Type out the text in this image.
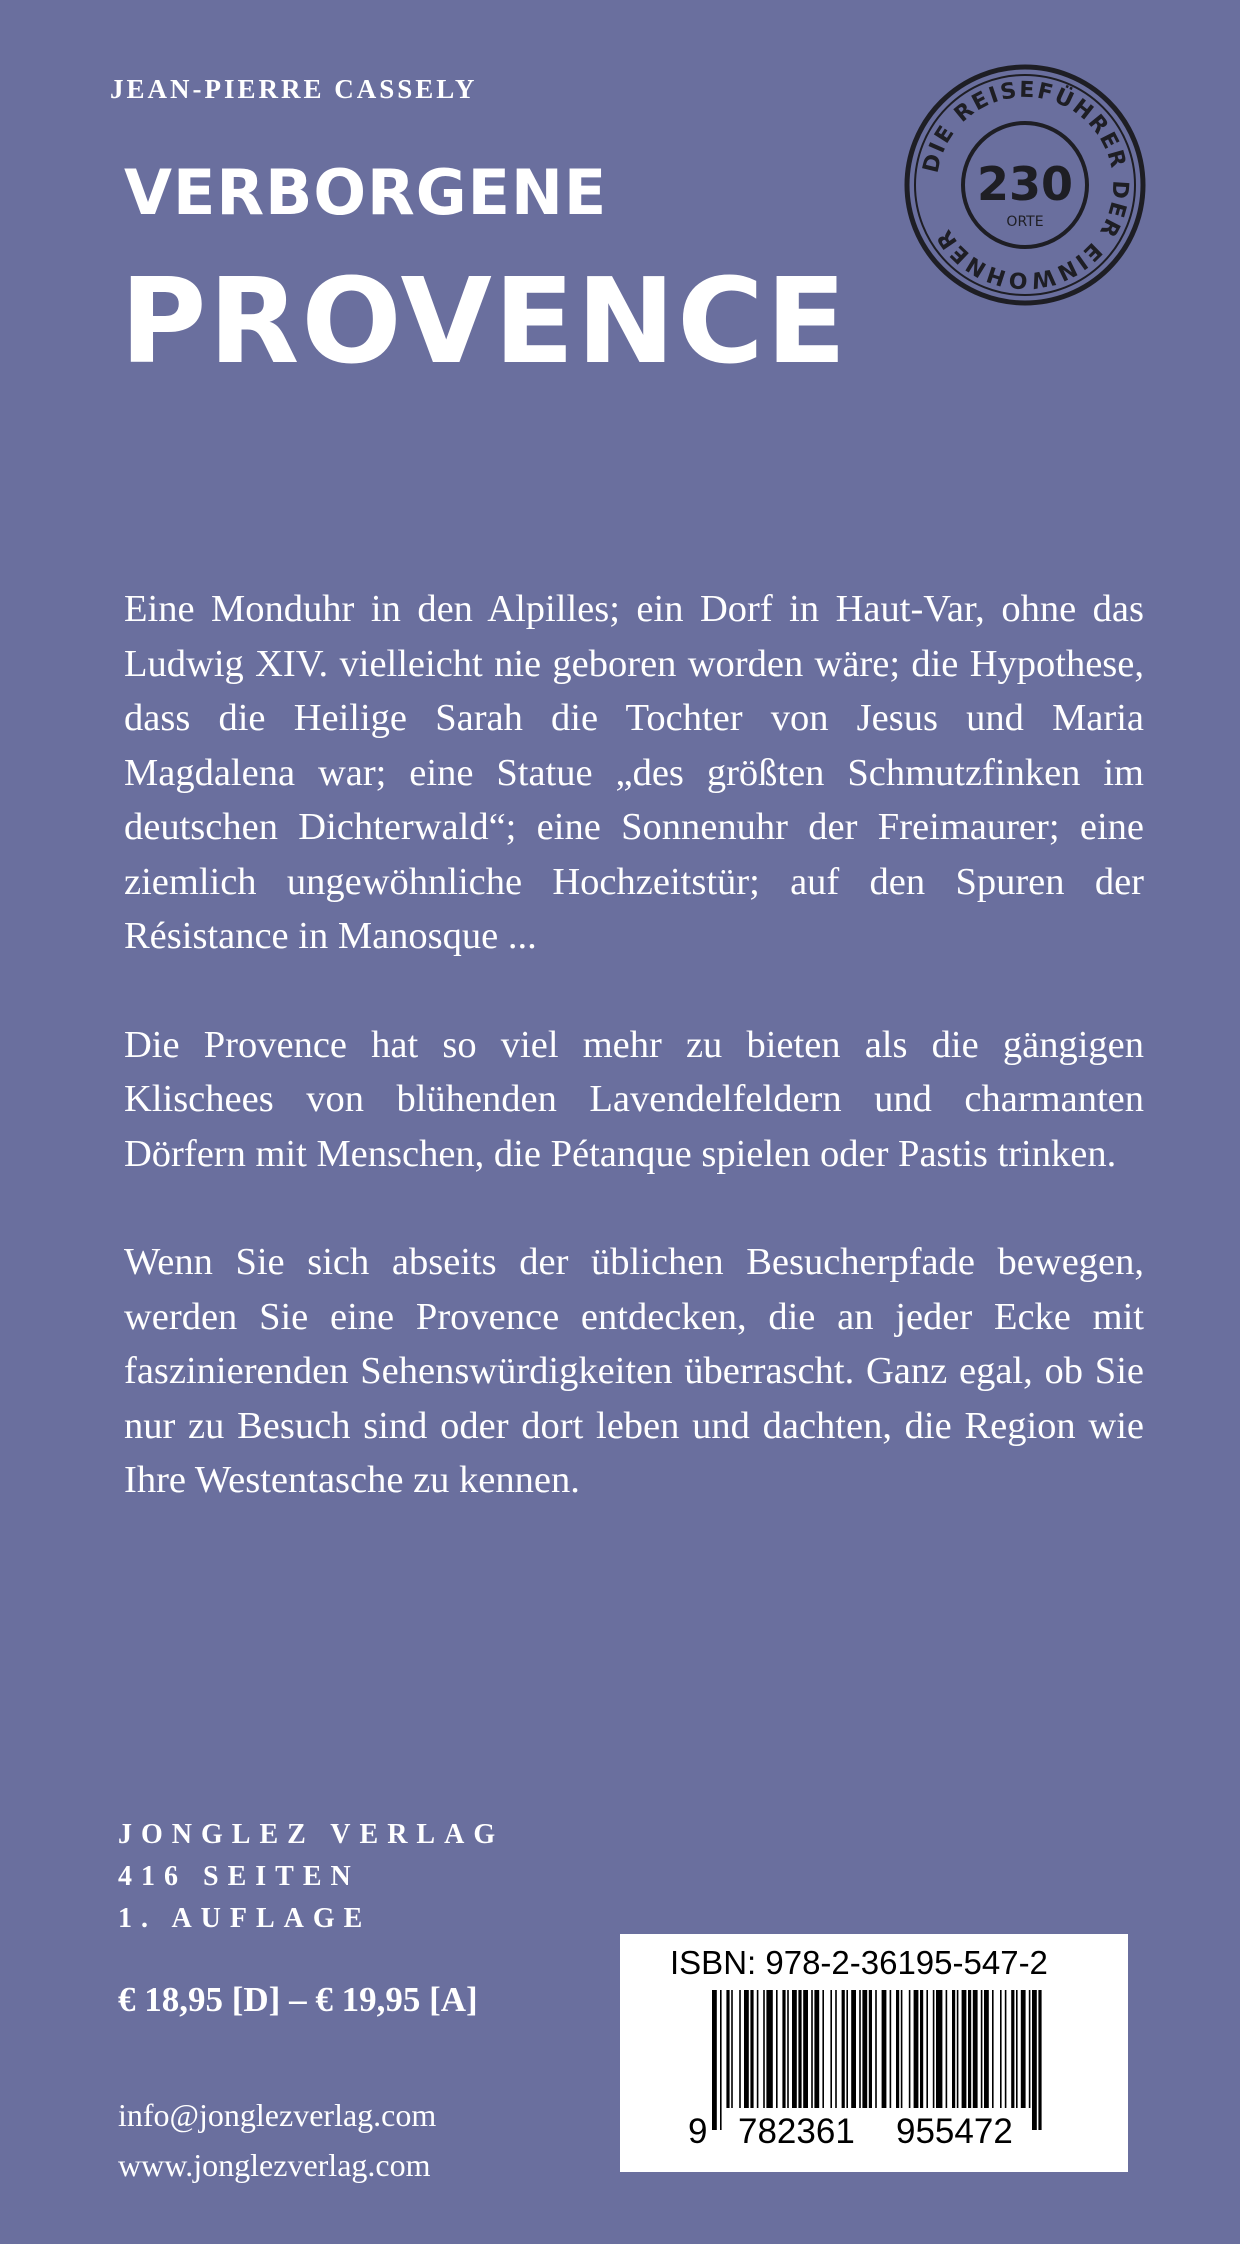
JEAN-PIERRE CASSELY

VERBORGENE
PROVENCE
DIE REISEFÜHRER DER EINWOHNER
230
ORTE

Eine Monduhr in den Alpilles; ein Dorf in Haut-Var, ohne das Ludwig XIV. vielleicht nie geboren worden wäre; die Hypothese, dass die Heilige Sarah die Tochter von Jesus und Maria Magdalena war; eine Statue „des größten Schmutzfinken im deutschen Dichterwald“; eine Sonnenuhr der Freimaurer; eine ziemlich ungewöhnliche Hochzeitstür; auf den Spuren der Résistance in Manosque ...

Die Provence hat so viel mehr zu bieten als die gängigen Klischees von blühenden Lavendelfeldern und charmanten Dörfern mit Menschen, die Pétanque spielen oder Pastis trinken.

Wenn Sie sich abseits der üblichen Besucherpfade bewegen, werden Sie eine Provence entdecken, die an jeder Ecke mit faszinierenden Sehenswürdigkeiten überrascht. Ganz egal, ob Sie nur zu Besuch sind oder dort leben und dachten, die Region wie Ihre Westentasche zu kennen.

JONGLEZ VERLAG
416 SEITEN
1. AUFLAGE
€ 18,95 [D] – € 19,95 [A]
info@jonglezverlag.com
www.jonglezverlag.com
ISBN: 978-2-36195-547-2
9 782361 955472
